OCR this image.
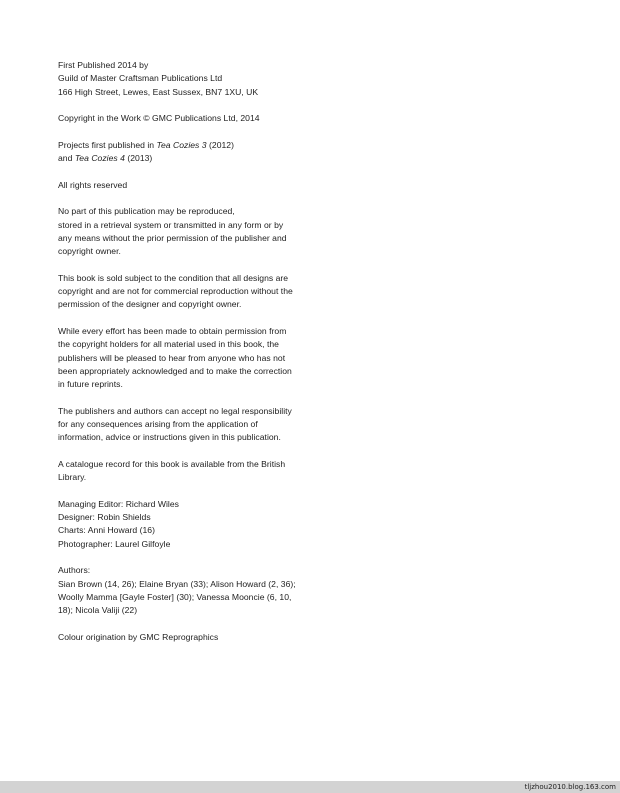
First Published 2014 by
Guild of Master Craftsman Publications Ltd
166 High Street, Lewes, East Sussex, BN7 1XU, UK
Copyright in the Work © GMC Publications Ltd, 2014
Projects first published in Tea Cozies 3 (2012)
and Tea Cozies 4 (2013)
All rights reserved
No part of this publication may be reproduced,
stored in a retrieval system or transmitted in any form or by
any means without the prior permission of the publisher and
copyright owner.
This book is sold subject to the condition that all designs are
copyright and are not for commercial reproduction without the
permission of the designer and copyright owner.
While every effort has been made to obtain permission from
the copyright holders for all material used in this book, the
publishers will be pleased to hear from anyone who has not
been appropriately acknowledged and to make the correction
in future reprints.
The publishers and authors can accept no legal responsibility
for any consequences arising from the application of
information, advice or instructions given in this publication.
A catalogue record for this book is available from the British
Library.
Managing Editor: Richard Wiles
Designer: Robin Shields
Charts: Anni Howard (16)
Photographer: Laurel Gilfoyle
Authors:
Sian Brown (14, 26); Elaine Bryan (33); Alison Howard (2, 36);
Woolly Mamma [Gayle Foster] (30); Vanessa Mooncie (6, 10,
18); Nicola Valiji (22)
Colour origination by GMC Reprographics
tljzhou2010.blog.163.com
